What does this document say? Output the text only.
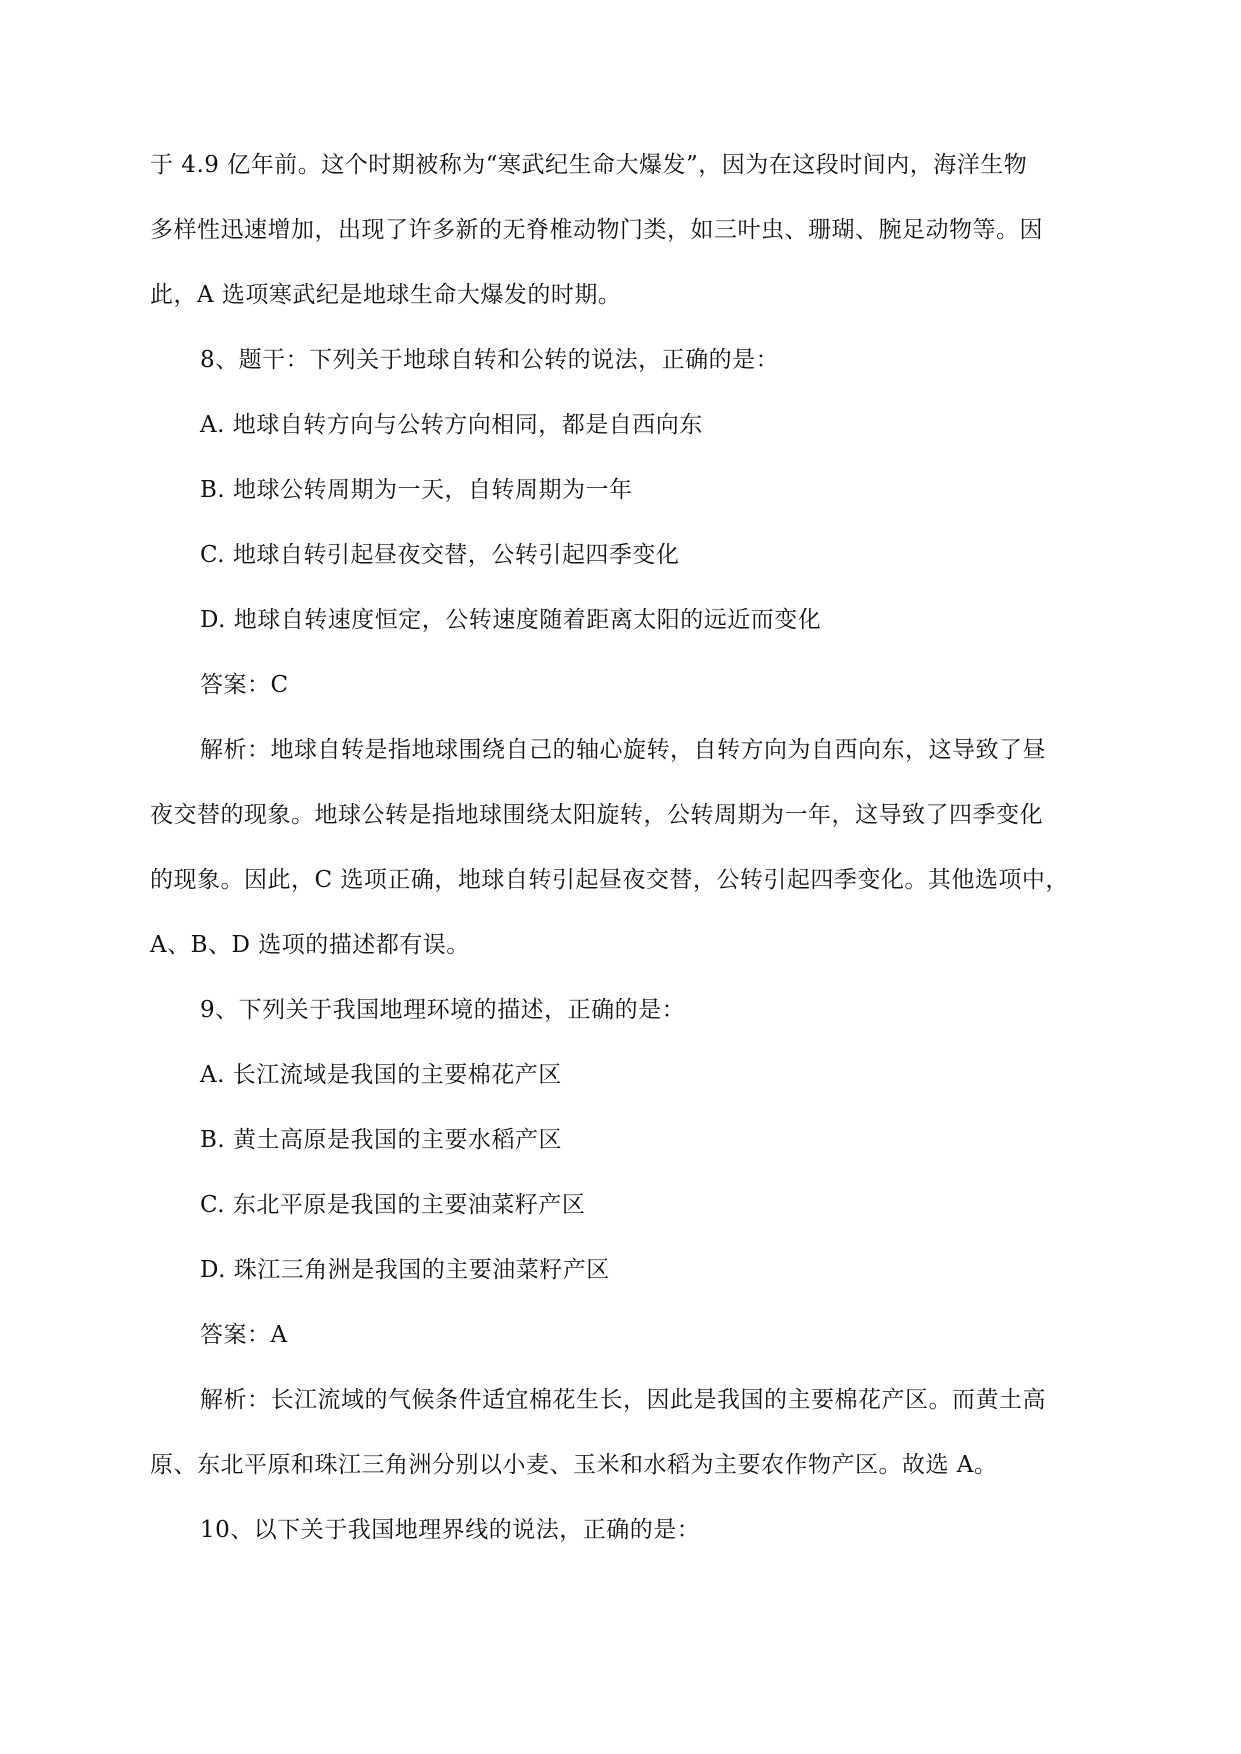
于 4.9 亿年前。这个时期被称为“寒武纪生命大爆发”，因为在这段时间内，海洋生物
多样性迅速增加，出现了许多新的无脊椎动物门类，如三叶虫、珊瑚、腕足动物等。因
此，A 选项寒武纪是地球生命大爆发的时期。
8、题干：下列关于地球自转和公转的说法，正确的是：
A. 地球自转方向与公转方向相同，都是自西向东
B. 地球公转周期为一天，自转周期为一年
C. 地球自转引起昼夜交替，公转引起四季变化
D. 地球自转速度恒定，公转速度随着距离太阳的远近而变化
答案：C
解析：地球自转是指地球围绕自己的轴心旋转，自转方向为自西向东，这导致了昼
夜交替的现象。地球公转是指地球围绕太阳旋转，公转周期为一年，这导致了四季变化
的现象。因此，C 选项正确，地球自转引起昼夜交替，公转引起四季变化。其他选项中，
A、B、D 选项的描述都有误。
9、下列关于我国地理环境的描述，正确的是：
A. 长江流域是我国的主要棉花产区
B. 黄土高原是我国的主要水稻产区
C. 东北平原是我国的主要油菜籽产区
D. 珠江三角洲是我国的主要油菜籽产区
答案：A
解析：长江流域的气候条件适宜棉花生长，因此是我国的主要棉花产区。而黄土高
原、东北平原和珠江三角洲分别以小麦、玉米和水稻为主要农作物产区。故选 A。
10、以下关于我国地理界线的说法，正确的是：
